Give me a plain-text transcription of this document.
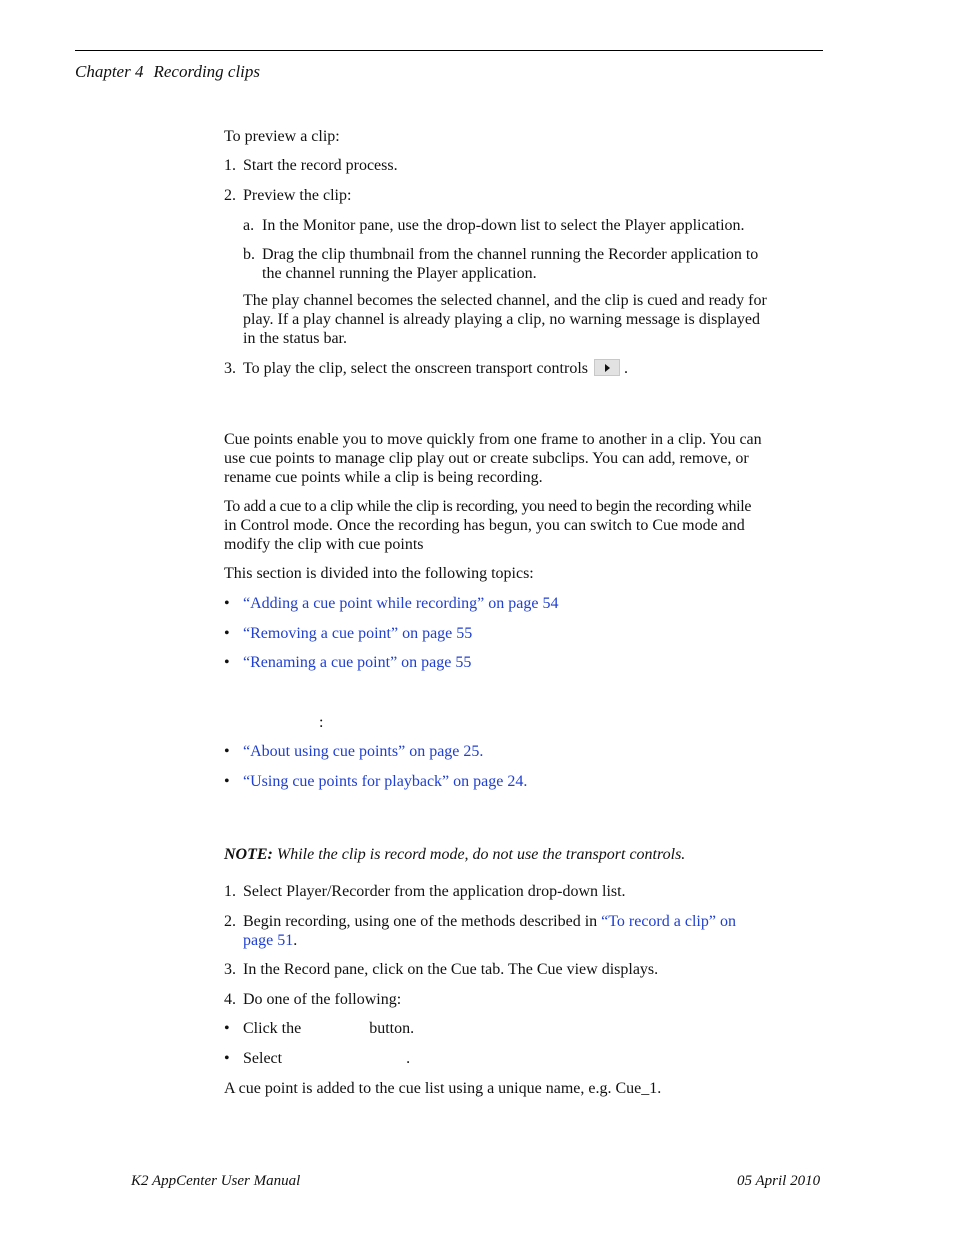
Chapter 4 Recording clips
To preview a clip:
1. Start the record process.
2. Preview the clip:
a. In the Monitor pane, use the drop-down list to select the Player application.
b. Drag the clip thumbnail from the channel running the Recorder application to
the channel running the Player application.
The play channel becomes the selected channel, and the clip is cued and ready for
play. If a play channel is already playing a clip, no warning message is displayed
in the status bar.
3. To play the clip, select the onscreen transport controls .
Cue points enable you to move quickly from one frame to another in a clip. You can
use cue points to manage clip play out or create subclips. You can add, remove, or
rename cue points while a clip is being recording.
To add a cue to a clip while the clip is recording, you need to begin the recording while
in Control mode. Once the recording has begun, you can switch to Cue mode and
modify the clip with cue points
This section is divided into the following topics:
• “Adding a cue point while recording” on page 54
• “Removing a cue point” on page 55
• “Renaming a cue point” on page 55
:
• “About using cue points” on page 25.
• “Using cue points for playback” on page 24.
NOTE: While the clip is record mode, do not use the transport controls.
1. Select Player/Recorder from the application drop-down list.
2. Begin recording, using one of the methods described in “To record a clip” on
page 51.
3. In the Record pane, click on the Cue tab. The Cue view displays.
4. Do one of the following:
• Click the	button.
• Select	.
A cue point is added to the cue list using a unique name, e.g. Cue_1.
K2 AppCenter User Manual	05 April 2010
